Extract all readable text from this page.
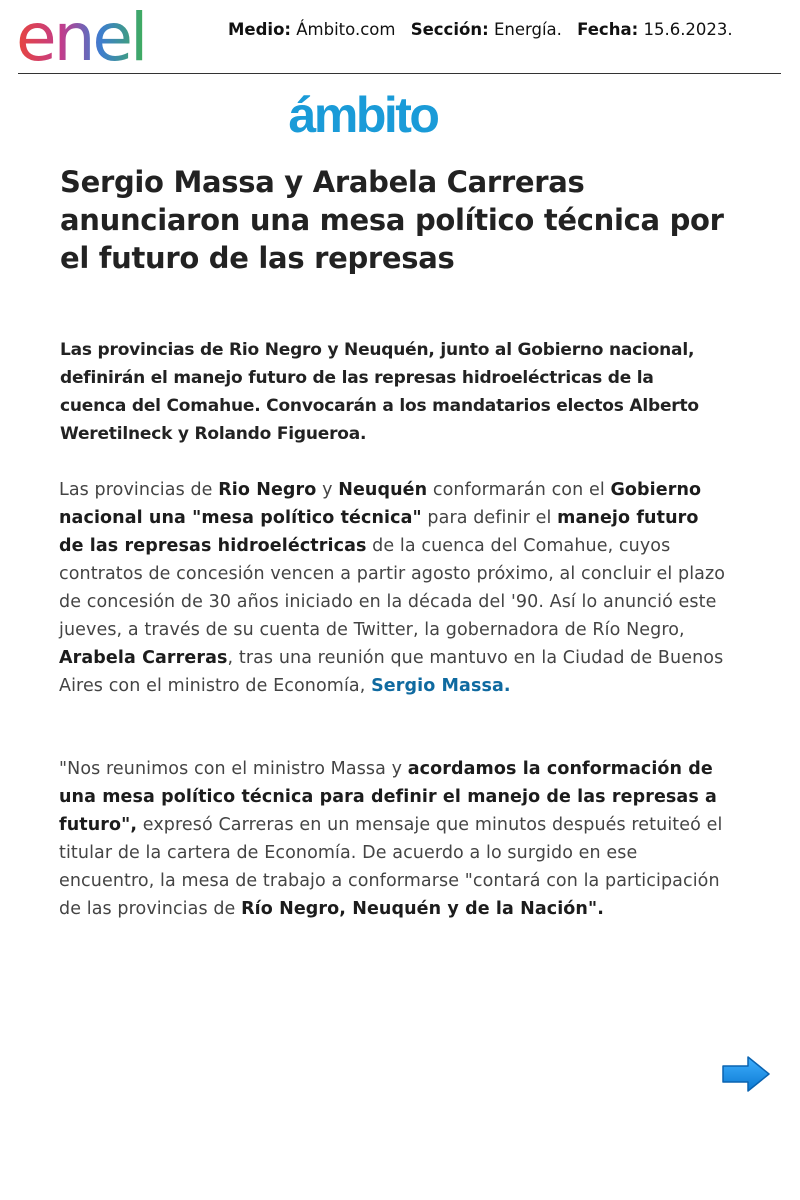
enel	Medio: Ámbito.com Sección: Energía. Fecha: 15.6.2023.
ámbito
Sergio Massa y Arabela Carreras anunciaron una mesa político técnica por el futuro de las represas

Las provincias de Rio Negro y Neuquén, junto al Gobierno nacional, definirán el manejo futuro de las represas hidroeléctricas de la cuenca del Comahue. Convocarán a los mandatarios electos Alberto Weretilneck y Rolando Figueroa.

Las provincias de Rio Negro y Neuquén conformarán con el Gobierno nacional una "mesa político técnica" para definir el manejo futuro de las represas hidroeléctricas de la cuenca del Comahue, cuyos contratos de concesión vencen a partir agosto próximo, al concluir el plazo de concesión de 30 años iniciado en la década del '90. Así lo anunció este jueves, a través de su cuenta de Twitter, la gobernadora de Río Negro, Arabela Carreras, tras una reunión que mantuvo en la Ciudad de Buenos Aires con el ministro de Economía, Sergio Massa.

"Nos reunimos con el ministro Massa y acordamos la conformación de una mesa político técnica para definir el manejo de las represas a futuro", expresó Carreras en un mensaje que minutos después retuiteó el titular de la cartera de Economía. De acuerdo a lo surgido en ese encuentro, la mesa de trabajo a conformarse "contará con la participación de las provincias de Río Negro, Neuquén y de la Nación".
